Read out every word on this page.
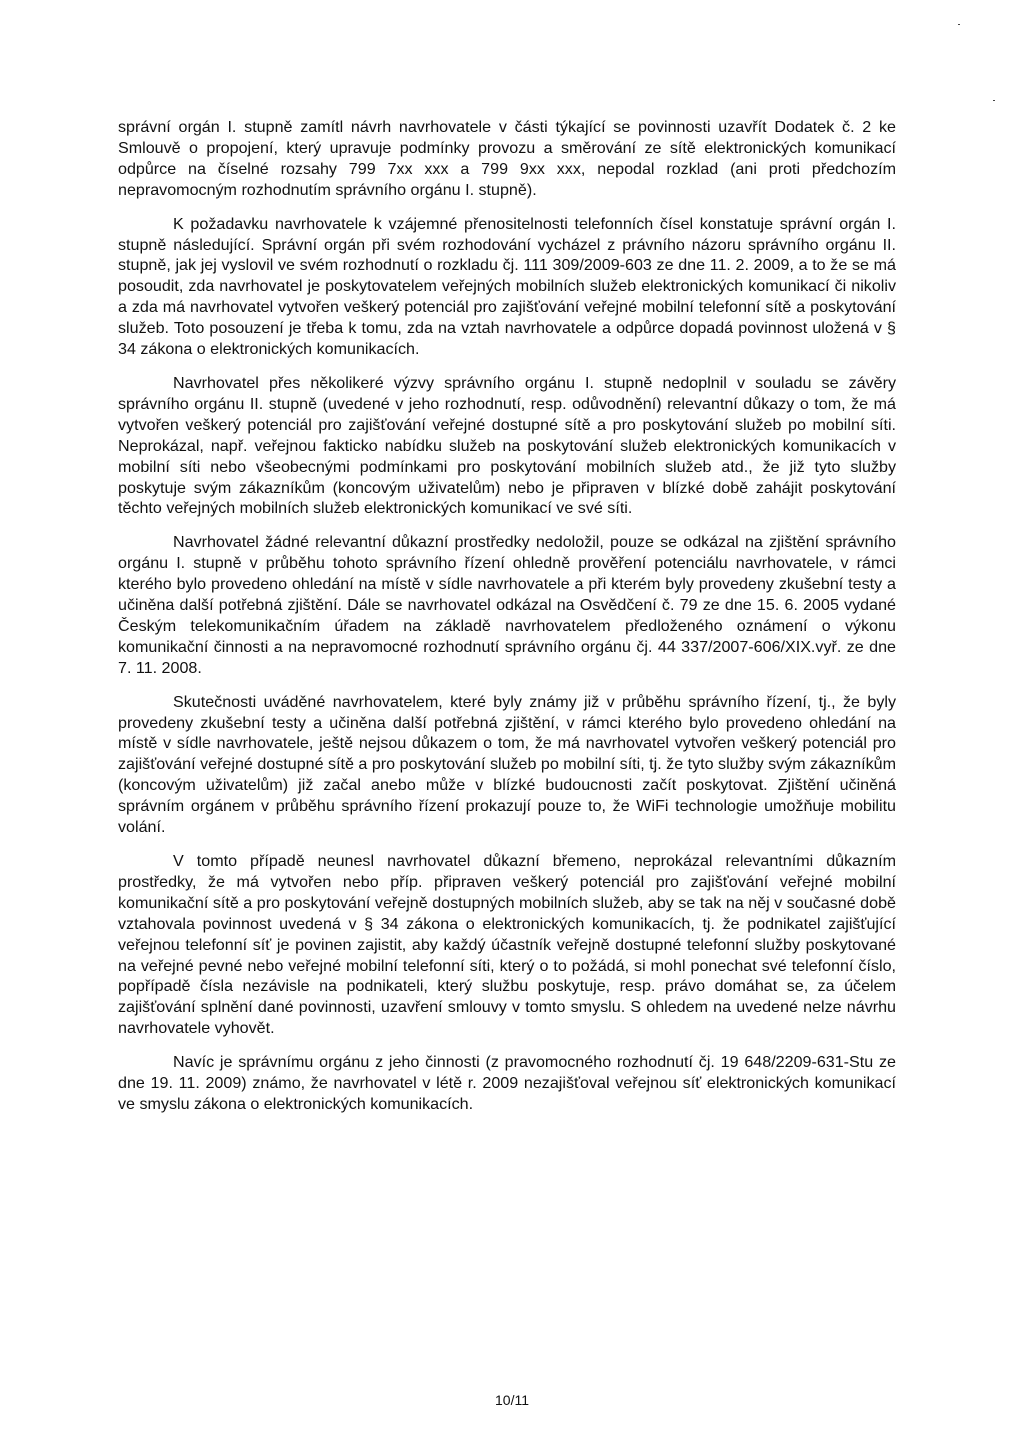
správní orgán I. stupně zamítl návrh navrhovatele v části týkající se povinnosti uzavřít Dodatek č. 2 ke Smlouvě o propojení, který upravuje podmínky provozu a směrování ze sítě elektronických komunikací odpůrce na číselné rozsahy 799 7xx xxx a 799 9xx xxx, nepodal rozklad (ani proti předchozím nepravomocným rozhodnutím správního orgánu I. stupně).

K požadavku navrhovatele k vzájemné přenositelnosti telefonních čísel konstatuje správní orgán I. stupně následující. Správní orgán při svém rozhodování vycházel z právního názoru správního orgánu II. stupně, jak jej vyslovil ve svém rozhodnutí o rozkladu čj. 111 309/2009-603 ze dne 11. 2. 2009, a to že se má posoudit, zda navrhovatel je poskytovatelem veřejných mobilních služeb elektronických komunikací či nikoliv a zda má navrhovatel vytvořen veškerý potenciál pro zajišťování veřejné mobilní telefonní sítě a poskytování služeb. Toto posouzení je třeba k tomu, zda na vztah navrhovatele a odpůrce dopadá povinnost uložená v § 34 zákona o elektronických komunikacích.

Navrhovatel přes několikeré výzvy správního orgánu I. stupně nedoplnil v souladu se závěry správního orgánu II. stupně (uvedené v jeho rozhodnutí, resp. odůvodnění) relevantní důkazy o tom, že má vytvořen veškerý potenciál pro zajišťování veřejné dostupné sítě a pro poskytování služeb po mobilní síti. Neprokázal, např. veřejnou fakticko nabídku služeb na poskytování služeb elektronických komunikacích v mobilní síti nebo všeobecnými podmínkami pro poskytování mobilních služeb atd., že již tyto služby poskytuje svým zákazníkům (koncovým uživatelům) nebo je připraven v blízké době zahájit poskytování těchto veřejných mobilních služeb elektronických komunikací ve své síti.

Navrhovatel žádné relevantní důkazní prostředky nedoložil, pouze se odkázal na zjištění správního orgánu I. stupně v průběhu tohoto správního řízení ohledně prověření potenciálu navrhovatele, v rámci kterého bylo provedeno ohledání na místě v sídle navrhovatele a při kterém byly provedeny zkušební testy a učiněna další potřebná zjištění. Dále se navrhovatel odkázal na Osvědčení č. 79 ze dne 15. 6. 2005 vydané Českým telekomunikačním úřadem na základě navrhovatelem předloženého oznámení o výkonu komunikační činnosti a na nepravomocné rozhodnutí správního orgánu čj. 44 337/2007-606/XIX.vyř. ze dne 7. 11. 2008.

Skutečnosti uváděné navrhovatelem, které byly známy již v průběhu správního řízení, tj., že byly provedeny zkušební testy a učiněna další potřebná zjištění, v rámci kterého bylo provedeno ohledání na místě v sídle navrhovatele, ještě nejsou důkazem o tom, že má navrhovatel vytvořen veškerý potenciál pro zajišťování veřejné dostupné sítě a pro poskytování služeb po mobilní síti, tj. že tyto služby svým zákazníkům (koncovým uživatelům) již začal anebo může v blízké budoucnosti začít poskytovat. Zjištění učiněná správním orgánem v průběhu správního řízení prokazují pouze to, že WiFi technologie umožňuje mobilitu volání.

V tomto případě neunesl navrhovatel důkazní břemeno, neprokázal relevantními důkazním prostředky, že má vytvořen nebo příp. připraven veškerý potenciál pro zajišťování veřejné mobilní komunikační sítě a pro poskytování veřejně dostupných mobilních služeb, aby se tak na něj v současné době vztahovala povinnost uvedená v § 34 zákona o elektronických komunikacích, tj. že podnikatel zajišťující veřejnou telefonní síť je povinen zajistit, aby každý účastník veřejně dostupné telefonní služby poskytované na veřejné pevné nebo veřejné mobilní telefonní síti, který o to požádá, si mohl ponechat své telefonní číslo, popřípadě čísla nezávisle na podnikateli, který službu poskytuje, resp. právo domáhat se, za účelem zajišťování splnění dané povinnosti, uzavření smlouvy v tomto smyslu. S ohledem na uvedené nelze návrhu navrhovatele vyhovět.

Navíc je správnímu orgánu z jeho činnosti (z pravomocného rozhodnutí čj. 19 648/2209-631-Stu ze dne 19. 11. 2009) známo, že navrhovatel v létě r. 2009 nezajišťoval veřejnou síť elektronických komunikací ve smyslu zákona o elektronických komunikacích.

10/11
